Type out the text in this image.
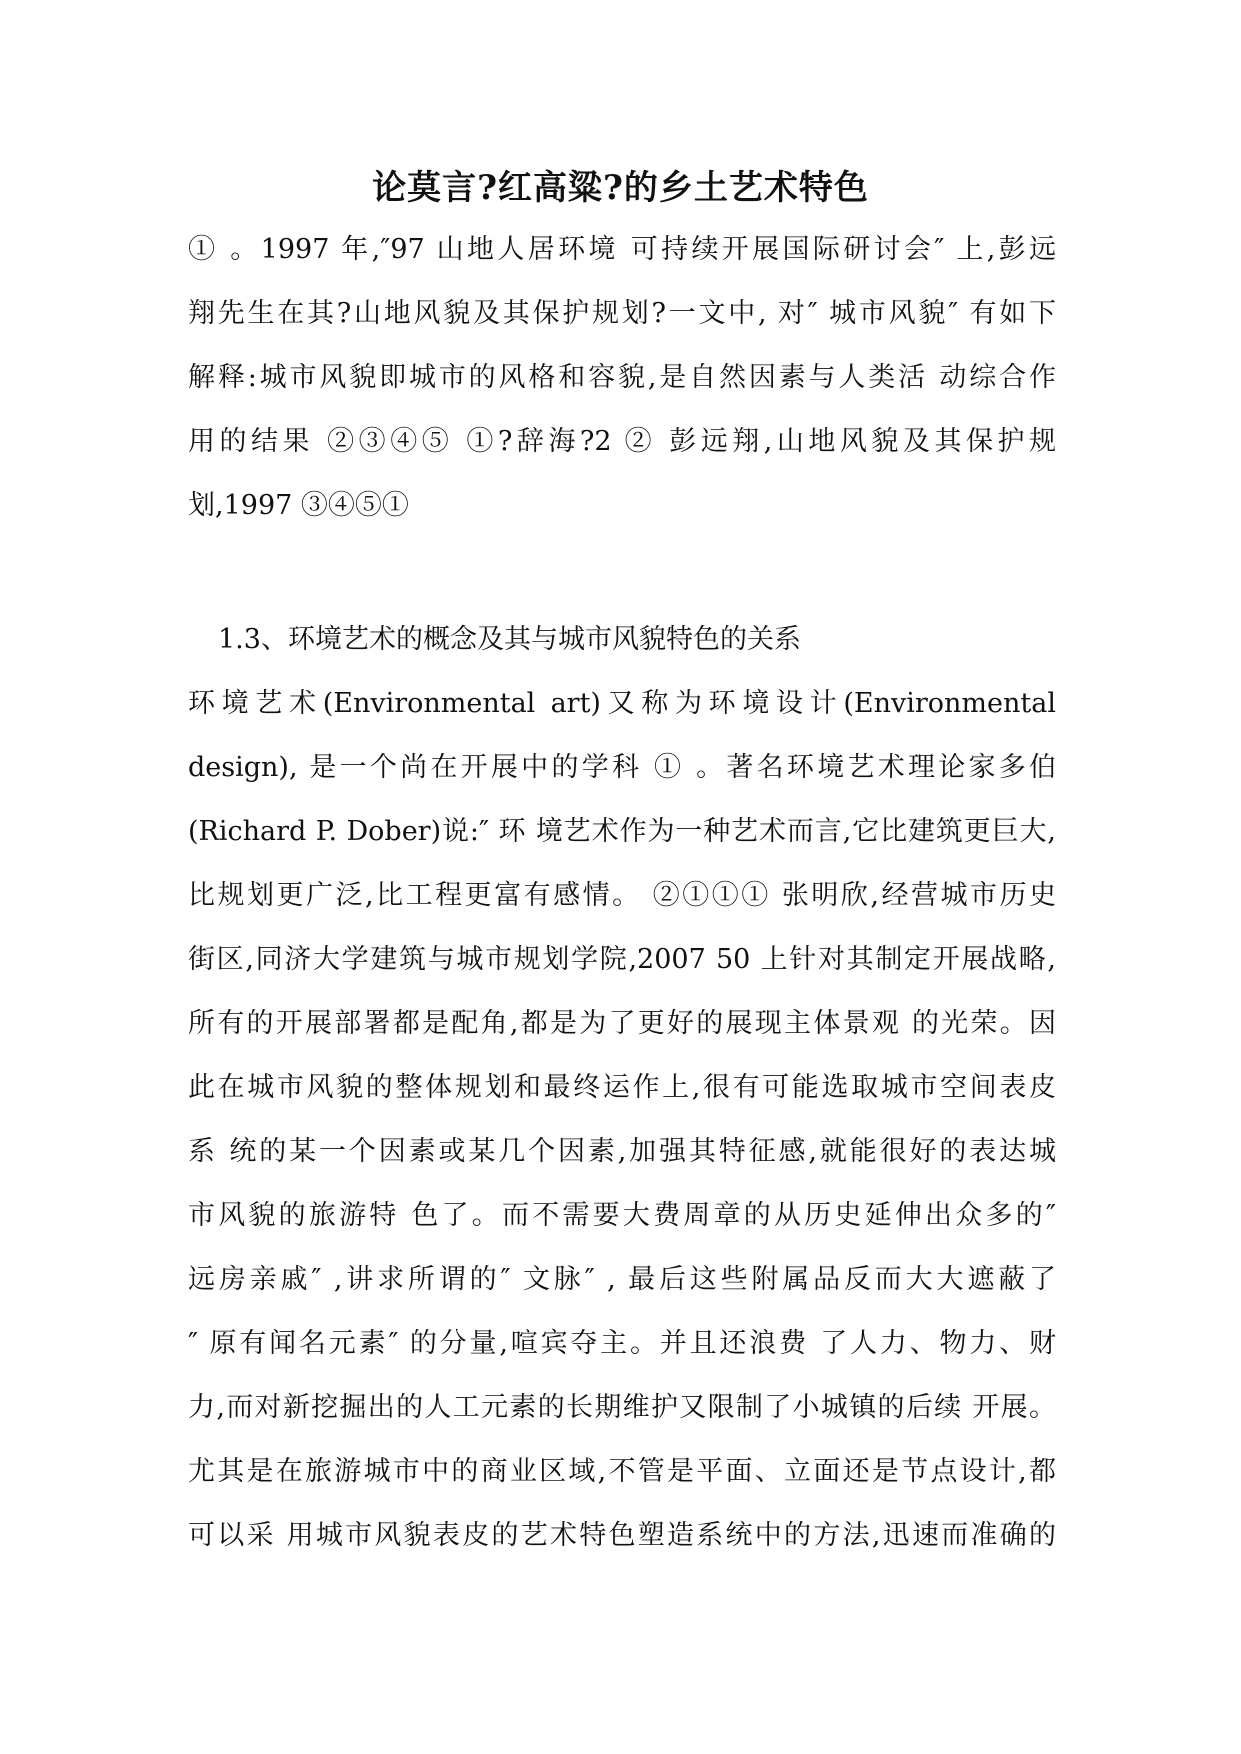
论莫言?红高粱?的乡土艺术特色
① 。1997 年,″97 山地人居环境 可持续开展国际研讨会″ 上,彭远
翔先生在其?山地风貌及其保护规划?一文中, 对″ 城市风貌″ 有如下
解释:城市风貌即城市的风格和容貌,是自然因素与人类活 动综合作
用的结果 ②③④⑤ ①?辞海?2 ② 彭远翔,山地风貌及其保护规
划,1997 ③④⑤①
1.3、环境艺术的概念及其与城市风貌特色的关系
环境艺术(Environmental art)又称为环境设计(Environmental
design), 是一个尚在开展中的学科 ① 。著名环境艺术理论家多伯
(Richard P. Dober)说:″ 环 境艺术作为一种艺术而言,它比建筑更巨大,
比规划更广泛,比工程更富有感情。 ②①①① 张明欣,经营城市历史
街区,同济大学建筑与城市规划学院,2007 50 上针对其制定开展战略,
所有的开展部署都是配角,都是为了更好的展现主体景观 的光荣。因
此在城市风貌的整体规划和最终运作上,很有可能选取城市空间表皮
系 统的某一个因素或某几个因素,加强其特征感,就能很好的表达城
市风貌的旅游特 色了。而不需要大费周章的从历史延伸出众多的″
远房亲戚″ ,讲求所谓的″ 文脉″ , 最后这些附属品反而大大遮蔽了
″ 原有闻名元素″ 的分量,喧宾夺主。并且还浪费 了人力、物力、财
力,而对新挖掘出的人工元素的长期维护又限制了小城镇的后续 开展。
尤其是在旅游城市中的商业区域,不管是平面、立面还是节点设计,都
可以采 用城市风貌表皮的艺术特色塑造系统中的方法,迅速而准确的
